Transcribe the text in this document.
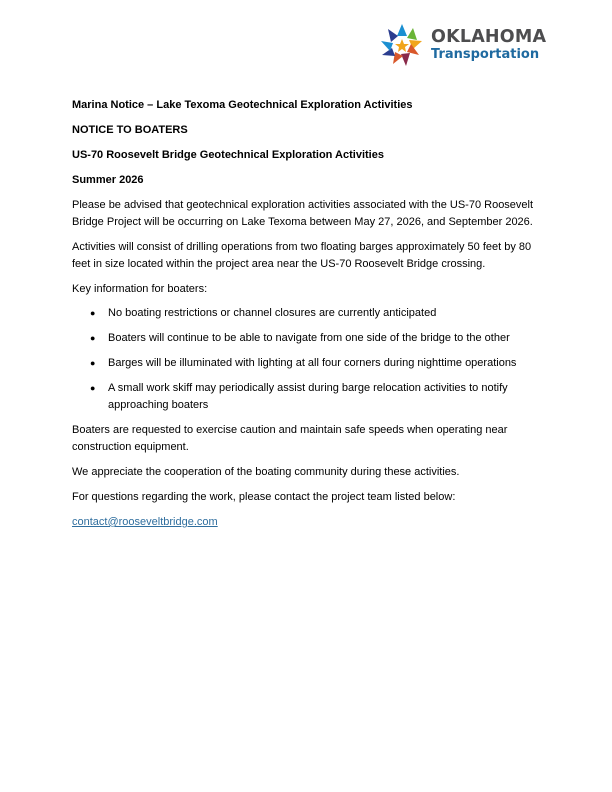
OKLAHOMA
Transportation
Marina Notice – Lake Texoma Geotechnical Exploration Activities
NOTICE TO BOATERS
US-70 Roosevelt Bridge Geotechnical Exploration Activities
Summer 2026

Please be advised that geotechnical exploration activities associated with the US-70 Roosevelt Bridge Project will be occurring on Lake Texoma between May 27, 2026, and September 2026.

Activities will consist of drilling operations from two floating barges approximately 50 feet by 80 feet in size located within the project area near the US-70 Roosevelt Bridge crossing.

Key information for boaters:

● No boating restrictions or channel closures are currently anticipated
● Boaters will continue to be able to navigate from one side of the bridge to the other
● Barges will be illuminated with lighting at all four corners during nighttime operations
● A small work skiff may periodically assist during barge relocation activities to notify approaching boaters

Boaters are requested to exercise caution and maintain safe speeds when operating near construction equipment.

We appreciate the cooperation of the boating community during these activities.

For questions regarding the work, please contact the project team listed below:

contact@rooseveltbridge.com
